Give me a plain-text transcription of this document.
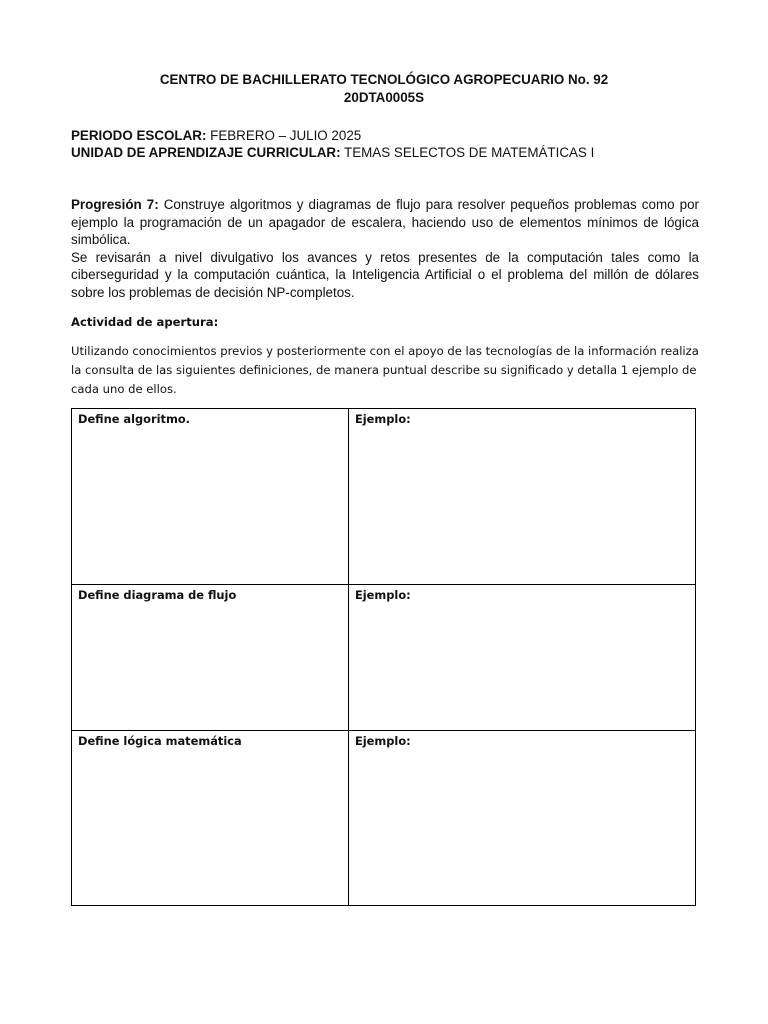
CENTRO DE BACHILLERATO TECNOLÓGICO AGROPECUARIO No. 92
20DTA0005S
PERIODO ESCOLAR: FEBRERO – JULIO 2025
UNIDAD DE APRENDIZAJE CURRICULAR: TEMAS SELECTOS DE MATEMÁTICAS I

Progresión 7: Construye algoritmos y diagramas de flujo para resolver pequeños problemas como por ejemplo la programación de un apagador de escalera, haciendo uso de elementos mínimos de lógica simbólica.

Se revisarán a nivel divulgativo los avances y retos presentes de la computación tales como la ciberseguridad y la computación cuántica, la Inteligencia Artificial o el problema del millón de dólares sobre los problemas de decisión NP-completos.

Actividad de apertura:
Utilizando conocimientos previos y posteriormente con el apoyo de las tecnologías de la información realiza la consulta de las siguientes definiciones, de manera puntual describe su significado y detalla 1 ejemplo de cada uno de ellos.
Define algoritmo.	Ejemplo:
Define diagrama de flujo	Ejemplo:
Define lógica matemática	Ejemplo:
